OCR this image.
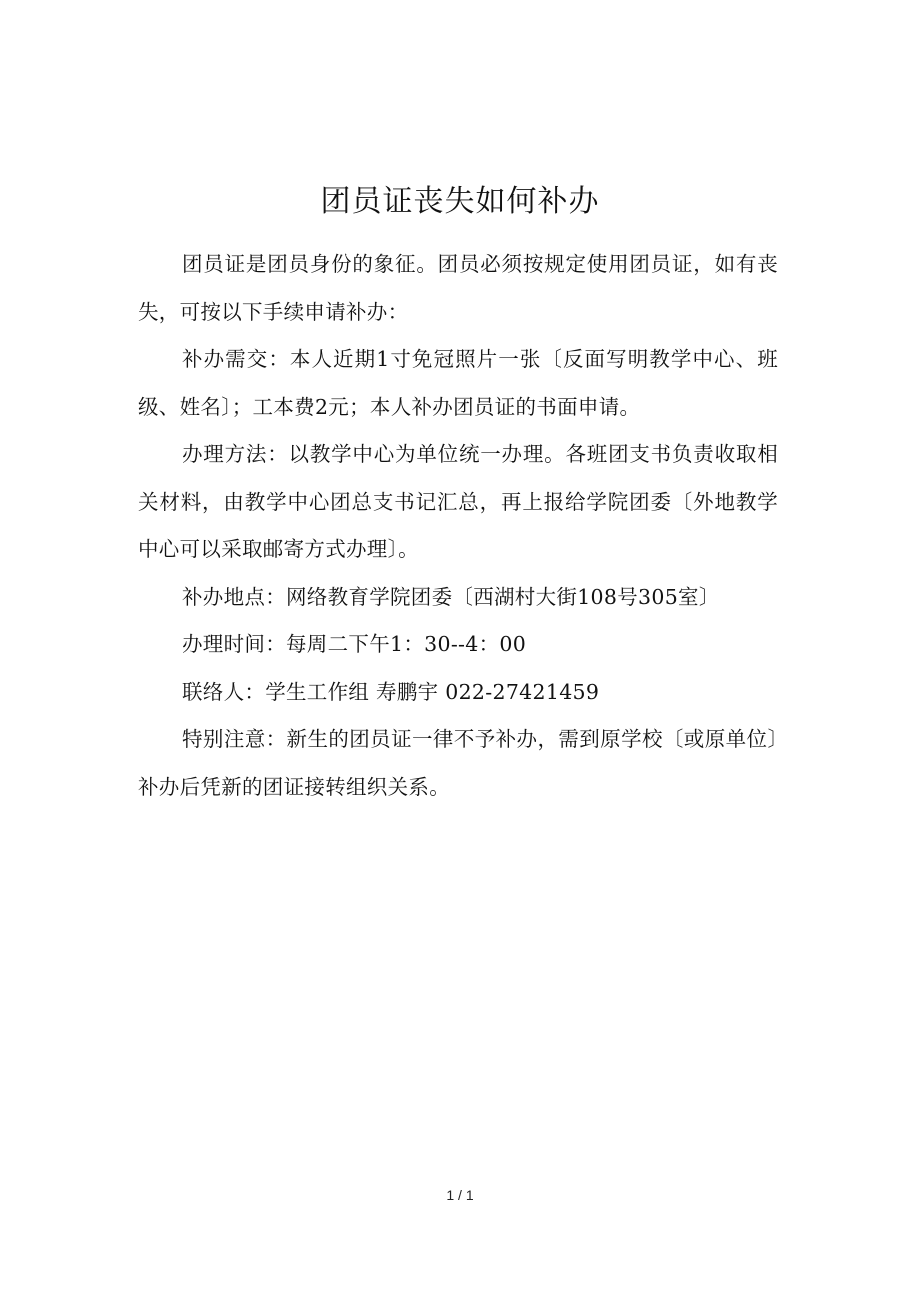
团员证丧失如何补办

团员证是团员身份的象征。团员必须按规定使用团员证，如有丧失，可按以下手续申请补办：

补办需交：本人近期1寸免冠照片一张〔反面写明教学中心、班级、姓名〕；工本费2元；本人补办团员证的书面申请。

办理方法：以教学中心为单位统一办理。各班团支书负责收取相关材料，由教学中心团总支书记汇总，再上报给学院团委〔外地教学中心可以采取邮寄方式办理〕。

补办地点：网络教育学院团委〔西湖村大街108号305室〕

办理时间：每周二下午1：30--4：00

联络人：学生工作组 寿鹏宇 022-27421459

特别注意：新生的团员证一律不予补办，需到原学校〔或原单位〕补办后凭新的团证接转组织关系。

1 / 1
